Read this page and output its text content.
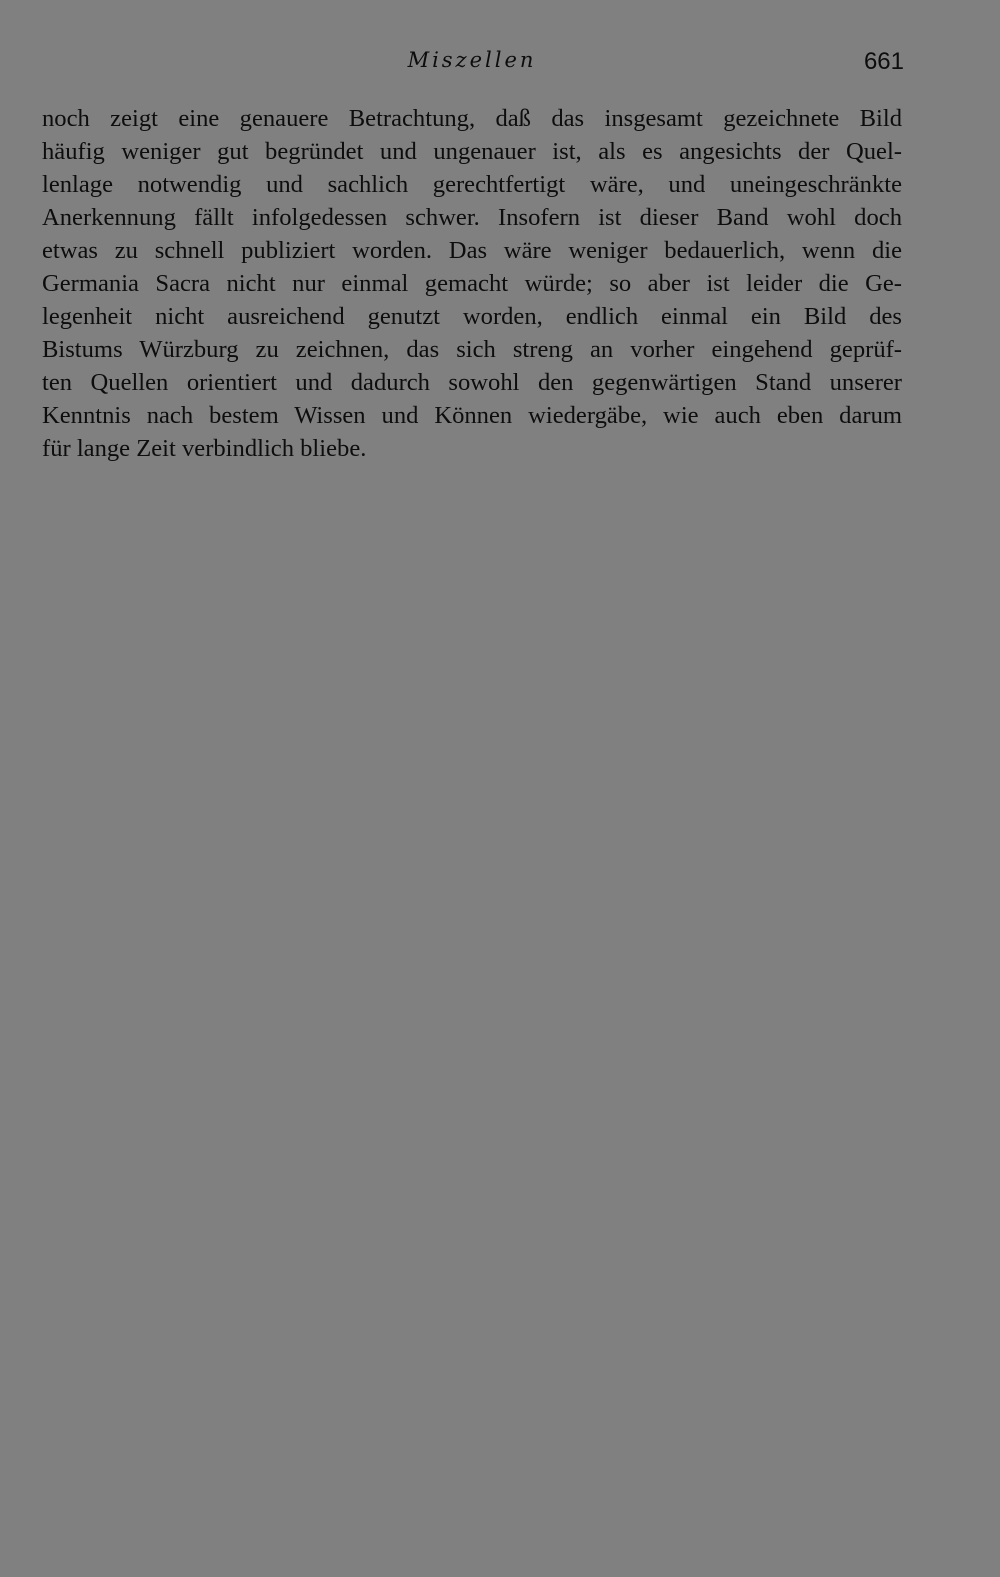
Miszellen	661
noch zeigt eine genauere Betrachtung, daß das insgesamt gezeichnete Bild
häufig weniger gut begründet und ungenauer ist, als es angesichts der Quel-
lenlage notwendig und sachlich gerechtfertigt wäre, und uneingeschränkte
Anerkennung fällt infolgedessen schwer. Insofern ist dieser Band wohl doch
etwas zu schnell publiziert worden. Das wäre weniger bedauerlich, wenn die
Germania Sacra nicht nur einmal gemacht würde; so aber ist leider die Ge-
legenheit nicht ausreichend genutzt worden, endlich einmal ein Bild des
Bistums Würzburg zu zeichnen, das sich streng an vorher eingehend geprüf-
ten Quellen orientiert und dadurch sowohl den gegenwärtigen Stand unserer
Kenntnis nach bestem Wissen und Können wiedergäbe, wie auch eben darum
für lange Zeit verbindlich bliebe.
